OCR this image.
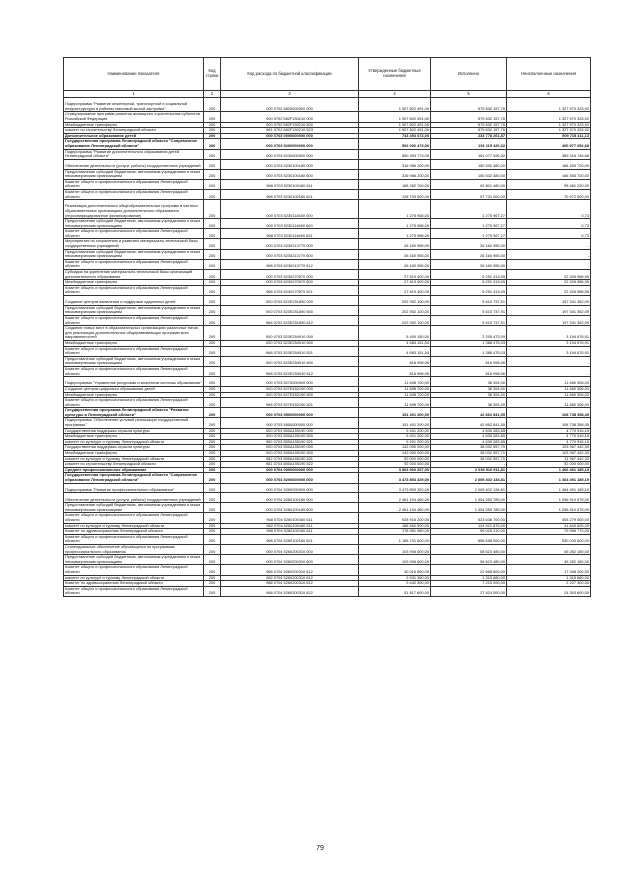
Наименование показателя	Код строки	Код расхода по бюджетной классификации	Утвержденные бюджетные назначения	Исполнено	Неисполненные назначения
1	2	3	4	5	6
Подпрограмма "Развитие инженерной, транспортной и социальной инфраструктуры в районах массовой жилой застройки"	200	000 0702 5820000000 000	1 907 802 491,00	579 832 157,76	1 327 970 333,92
Стимулирование программ развития жилищного строительства субъектов Российской Федерации	200	000 0702 582F150210 000	1 907 802 491,00	579 832 157,76	1 327 970 333,92
Межбюджетные трансферты	200	000 0702 582F150210 500	1 907 802 491,00	579 832 157,76	1 327 970 333,92
комитет по строительству Ленинградской области	200	981 0702 582F150210 523	1 907 802 491,00	579 832 157,76	1 327 970 333,92
Дополнительное образование детей	200	000 0703 0000000000 000	743 493 673,00	233 778 261,87	509 715 411,13
Государственная программа Ленинградской области "Современное образование Ленинградской области"	200	000 0703 5200000000 000	592 092 473,00	191 115 420,32	400 977 052,68
Подпрограмма "Развитие дополнительного образования детей Ленинградской области"	200	000 0703 5230000000 000	550 393 773,00	161 077 026,32	389 316 746,68
Обеспечение деятельности (услуги, работы) государственных учреждений	200	000 0703 5230100160 000	316 986 200,00	150 532 480,00	166 453 720,00
Предоставление субсидий бюджетным, автономным учреждениям и иным некоммерческим организациям	200	000 0703 5230100160 600	316 986 200,00	150 532 480,00	166 453 720,00
Комитет общего и профессионального образования Ленинградской области	200	968 0703 5230100160 611	188 282 700,00	92 801 480,00	95 481 220,00
Комитет общего и профессионального образования Ленинградской области	200	968 0703 5230100160 621	128 703 500,00	57 731 000,00	70 972 500,00
Реализация дополнительных общеобразовательных программ в частных образовательных организациях дополнительного образования (персонифицированное финансирование)	200	000 0703 5230114600 000	1 275 968,00	1 275 967,27	0,73
Предоставление субсидий бюджетным, автономным учреждениям и иным некоммерческим организациям	200	000 0703 5230114600 600	1 275 968,00	1 275 967,27	0,73
Комитет общего и профессионального образования Ленинградской области	200	968 0703 5230114600 631	1 275 968,00	1 275 967,27	0,73
Мероприятия по сохранению и развитию материально-технической базы государственных учреждений	200	000 0703 5230213770 000	26 160 955,00	26 160 955,00	-
Предоставление субсидий бюджетным, автономным учреждениям и иным некоммерческим организациям	200	000 0703 5230213770 600	26 160 955,00	26 160 955,00	-
Комитет общего и профессионального образования Ленинградской области	200	968 0703 5230213770 612	26 160 955,00	26 160 955,00	-
Субсидии на укрепление материально-технической базы организаций дополнительного образования	200	000 0703 5230270570 000	27 619 400,00	5 291 413,05	22 326 986,95
Межбюджетные трансферты	200	000 0703 5230270570 500	27 619 400,00	5 291 413,05	22 326 986,95
Комитет общего и профессионального образования Ленинградской области	200	968 0703 5230270570 521	27 619 400,00	5 291 413,05	22 326 986,95
Создание центров выявления и поддержки одаренных детей	200	000 0703 523E251890 000	202 952 100,00	5 610 737,91	197 341 362,09
Предоставление субсидий бюджетным, автономным учреждениям и иным некоммерческим организациям	200	000 0703 523E251890 600	202 952 100,00	5 610 737,91	197 341 362,09
Комитет общего и профессионального образования Ленинградской области	200	968 0703 523E251890 612	202 952 100,00	5 610 737,91	197 341 362,09
Создание новых мест в образовательных организациях различных типов для реализации дополнительных общеразвивающих программ всех направленностей	200	000 0703 523E254910 000	5 400 150,00	2 205 473,09	3 194 676,91
Межбюджетные трансферты	200	000 0703 523E254910 500	4 583 151,54	1 388 475,03	3 194 676,91
Комитет общего и профессионального образования Ленинградской области	200	968 0703 523E254910 521	4 583 151,54	1 388 475,03	3 194 676,91
Предоставление субсидий бюджетным, автономным учреждениям и иным некоммерческим организациям	200	000 0703 523E254910 600	816 998,06	816 998,06	-
Комитет общего и профессионального образования Ленинградской области	200	968 0703 523E254910 612	816 998,06	816 998,06	-
Подпрограмма "Управление ресурсами и качеством системы образования"	200	000 0703 5270000000 000	11 698 700,00	38 394,00	11 660 306,00
Создание центров цифрового образования детей	200	000 0703 527E452190 000	11 698 700,00	38 394,00	11 660 306,00
Межбюджетные трансферты	200	000 0703 527E452190 500	11 698 700,00	38 394,00	11 660 306,00
Комитет общего и профессионального образования Ленинградской области	200	968 0703 527E452190 521	11 698 700,00	38 394,00	11 660 306,00
Государственная программа Ленинградской области "Развитие культуры в Ленинградской области"	200	000 0703 5500000000 000	151 401 200,00	42 662 841,55	108 738 358,45
Подпрограмма "Обеспечение условий реализации государственной программы"	200	000 0703 5550000000 000	151 401 200,00	42 662 841,55	108 738 358,45
Государственная поддержка отрасли культуры	200	000 0703 555A155190 000	9 401 200,00	4 630 283,85	4 770 916,15
Межбюджетные трансферты	200	000 0703 555A155190 500	9 401 200,00	4 630 283,85	4 770 916,15
комитет по культуре и туризму Ленинградской области	200	982 0703 555A155190 521	9 401 200,00	4 630 283,85	4 770 916,15
Государственная поддержка отрасли культуры	200	000 0703 555A155190 000	142 000 000,00	38 032 557,70	103 967 442,30
Межбюджетные трансферты	200	000 0703 555A155190 500	142 000 000,00	38 032 557,70	103 967 442,30
комитет по культуре и туризму Ленинградской области	200	982 0703 555A155190 521	50 000 000,00	38 032 557,70	11 967 442,30
комитет по строительству Ленинградской области	200	981 0703 555A155190 522	92 000 000,00	-	92 000 000,00
Среднее профессиональное образование	200	000 0704 0000000000 000	3 503 060 207,00	2 036 516 911,81	1 466 491 185,19
Государственная программа Ленинградской области "Современное образование Ленинградской области"	200	000 0704 5200000000 000	3 473 893 329,00	2 009 402 134,81	1 464 491 185,19
Подпрограмма "Развитие профессионального образования"	200	000 0704 5260000000 000	3 473 893 320,00	2 009 402 134,81	1 464 491 185,19
Обеспечение деятельности (услуги, работы) государственных учреждений	200	000 0704 5260100160 000	2 461 194 460,00	1 404 283 785,00	1 056 910 675,00
Предоставление субсидий бюджетным, автономным учреждениям и иным некоммерческим организациям	200	000 0704 5260100160 600	2 461 194 460,00	1 404 283 785,00	1 056 910 675,00
Комитет общего и профессионального образования Ленинградской области	200	968 0704 5260100160 611	928 916 200,00	523 636 700,00	405 279 500,00
комитет по культуре и туризму Ленинградской области	200	982 0704 5260100160 611	166 562 500,00	124 921 875,00	41 640 625,00
Комитет по здравоохранению Ленинградской области	200	986 0704 5260100160 611	178 981 980,00	99 025 210,00	79 956 770,00
Комитет общего и профессионального образования Ленинградской области	200	968 0704 5260100160 621	1 186 731 800,00	656 698 000,00	530 033 800,00
Стипендиальное обеспечение обучающихся по программам профессионального образования	200	000 0704 5260200310 000	103 906 600,00	58 623 480,00	45 282 180,00
Предоставление субсидий бюджетным, автономным учреждениям и иным некоммерческим организациям	200	000 0704 5260200310 600	103 906 600,00	58 623 480,00	45 282 180,00
Комитет общего и профессионального образования Ленинградской области	200	968 0704 5260200310 612	40 016 800,00	22 668 600,00	17 348 200,00
комитет по культуре и туризму Ленинградской области	200	982 0704 5260200310 612	2 631 360,00	1 315 680,00	1 315 680,00
Комитет по здравоохранению Ленинградской области	200	986 0704 5260200310 612	9 442 300,00	7 215 000,00	2 227 300,00
Комитет общего и профессионального образования Ленинградской области	200	968 0704 5260200310 622	51 817 600,00	27 424 000,00	24 393 600,00
79
